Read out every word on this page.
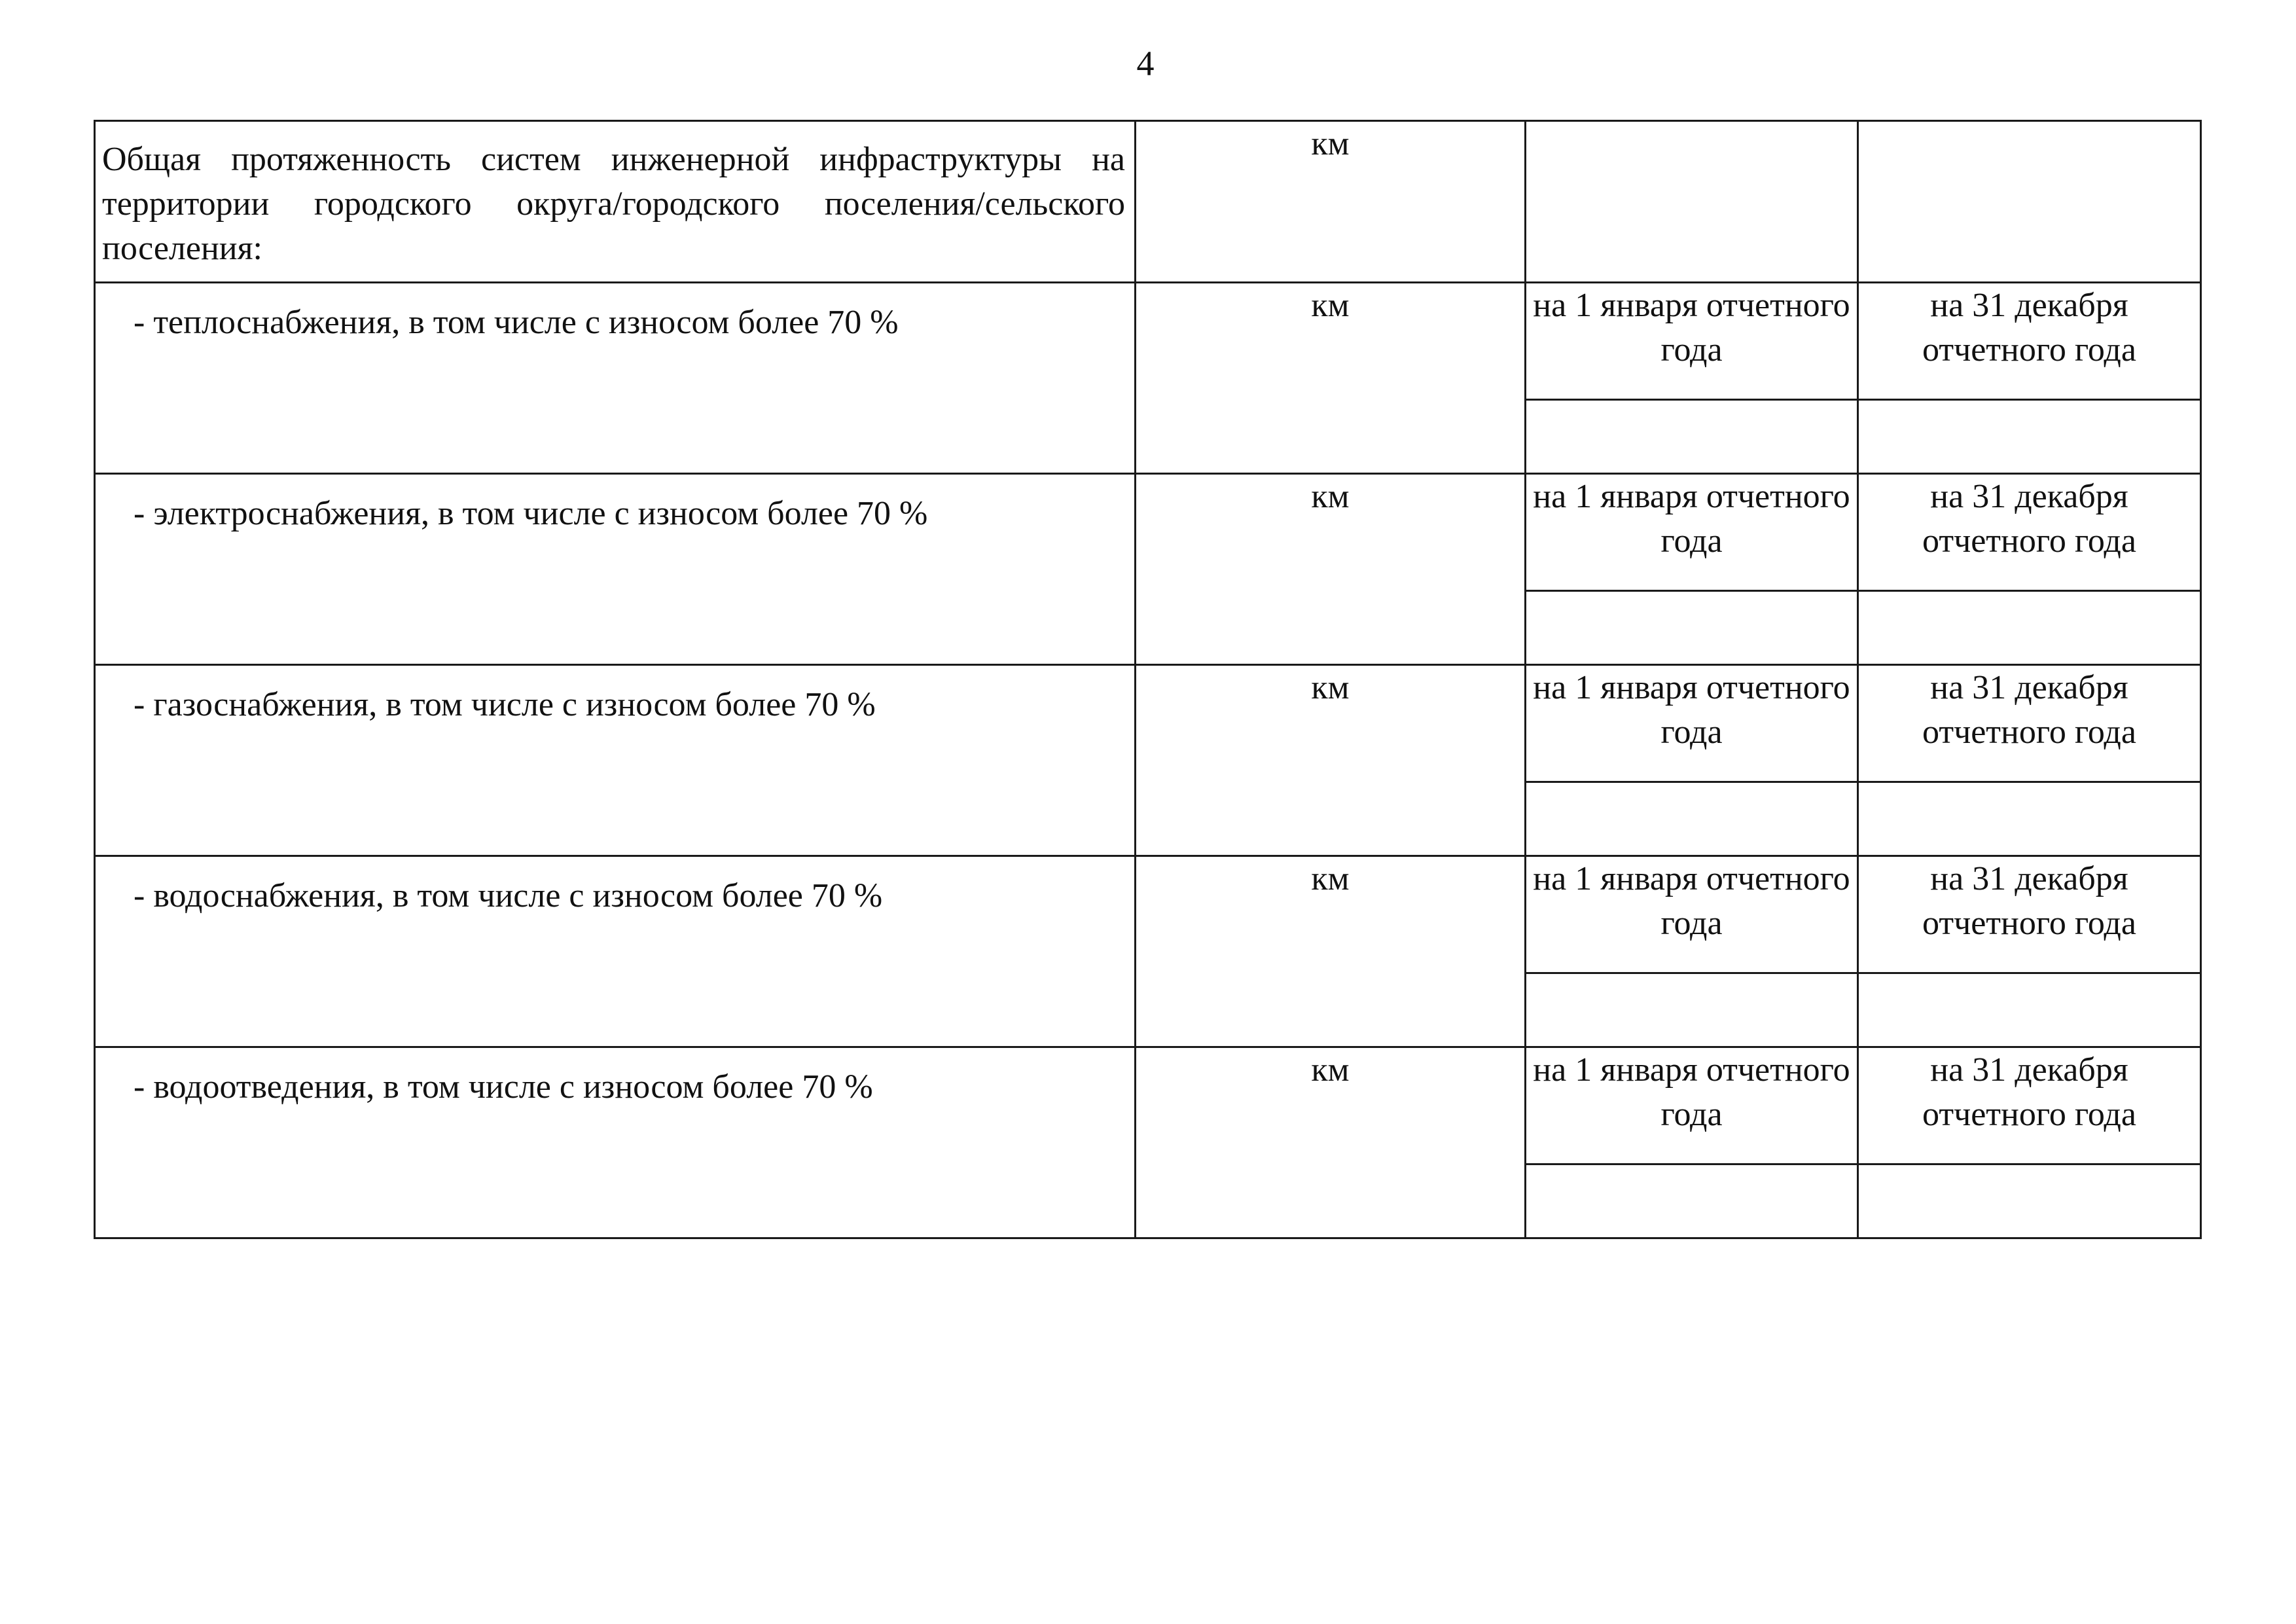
4
Общая протяженность систем инженерной инфраструктуры на территории городского округа/городского поселения/сельского поселения:	км		

- теплоснабжения, в том числе с износом более 70 %	км	на 1 января отчетного года	на 31 декабря отчетного года

- электроснабжения, в том числе с износом более 70 %	км	на 1 января отчетного года	на 31 декабря отчетного года

- газоснабжения, в том числе с износом более 70 %	км	на 1 января отчетного года	на 31 декабря отчетного года

- водоснабжения, в том числе с износом более 70 %	км	на 1 января отчетного года	на 31 декабря отчетного года

- водоотведения, в том числе с износом более 70 %	км	на 1 января отчетного года	на 31 декабря отчетного года
